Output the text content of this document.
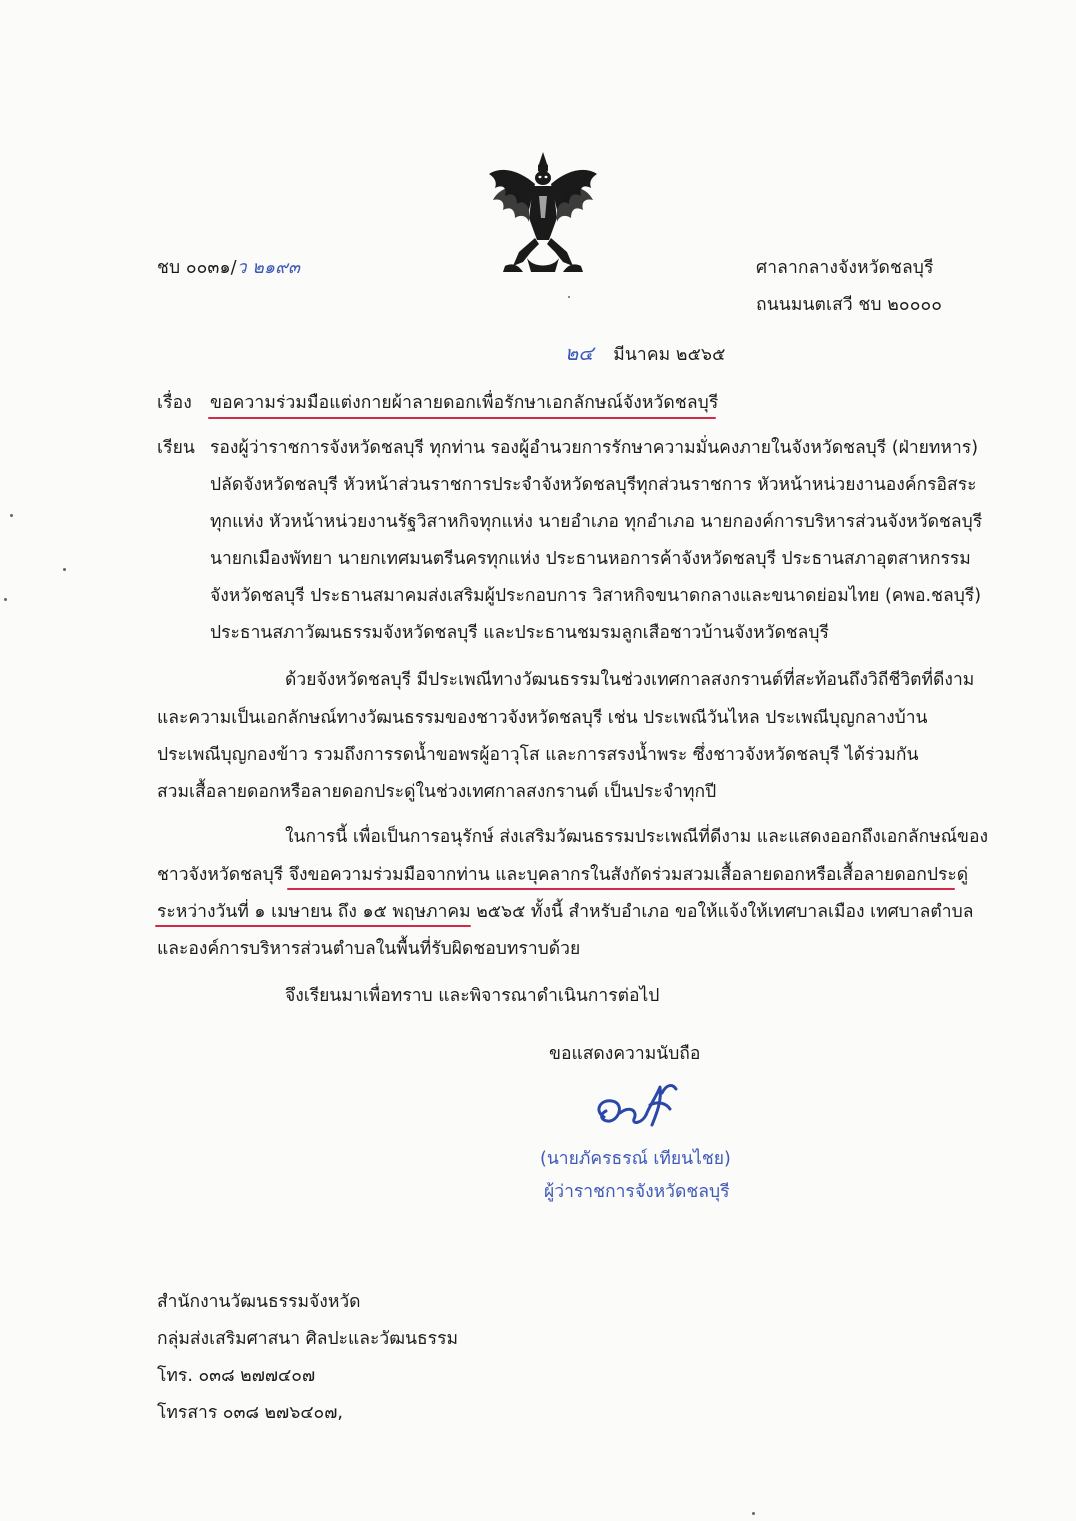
ชบ ๐๐๓๑/ว ๒๑๙๓	ศาลากลางจังหวัดชลบุรี
ถนนมนตเสวี ชบ ๒๐๐๐๐
๒๔ มีนาคม ๒๕๖๕
เรื่อง ขอความร่วมมือแต่งกายผ้าลายดอกเพื่อรักษาเอกลักษณ์จังหวัดชลบุรี
เรียน รองผู้ว่าราชการจังหวัดชลบุรี ทุกท่าน รองผู้อำนวยการรักษาความมั่นคงภายในจังหวัดชลบุรี (ฝ่ายทหาร)
ปลัดจังหวัดชลบุรี หัวหน้าส่วนราชการประจำจังหวัดชลบุรีทุกส่วนราชการ หัวหน้าหน่วยงานองค์กรอิสระ
ทุกแห่ง หัวหน้าหน่วยงานรัฐวิสาหกิจทุกแห่ง นายอำเภอ ทุกอำเภอ นายกองค์การบริหารส่วนจังหวัดชลบุรี
นายกเมืองพัทยา นายกเทศมนตรีนครทุกแห่ง ประธานหอการค้าจังหวัดชลบุรี ประธานสภาอุตสาหกรรม
จังหวัดชลบุรี ประธานสมาคมส่งเสริมผู้ประกอบการ วิสาหกิจขนาดกลางและขนาดย่อมไทย (คพอ.ชลบุรี)
ประธานสภาวัฒนธรรมจังหวัดชลบุรี และประธานชมรมลูกเสือชาวบ้านจังหวัดชลบุรี
ด้วยจังหวัดชลบุรี มีประเพณีทางวัฒนธรรมในช่วงเทศกาลสงกรานต์ที่สะท้อนถึงวิถีชีวิตที่ดีงาม
และความเป็นเอกลักษณ์ทางวัฒนธรรมของชาวจังหวัดชลบุรี เช่น ประเพณีวันไหล ประเพณีบุญกลางบ้าน
ประเพณีบุญกองข้าว รวมถึงการรดน้ำขอพรผู้อาวุโส และการสรงน้ำพระ ซึ่งชาวจังหวัดชลบุรี ได้ร่วมกัน
สวมเสื้อลายดอกหรือลายดอกประดู่ในช่วงเทศกาลสงกรานต์ เป็นประจำทุกปี
ในการนี้ เพื่อเป็นการอนุรักษ์ ส่งเสริมวัฒนธรรมประเพณีที่ดีงาม และแสดงออกถึงเอกลักษณ์ของ
ชาวจังหวัดชลบุรี จึงขอความร่วมมือจากท่าน และบุคลากรในสังกัดร่วมสวมเสื้อลายดอกหรือเสื้อลายดอกประดู่
ระหว่างวันที่ ๑ เมษายน ถึง ๑๕ พฤษภาคม ๒๕๖๕ ทั้งนี้ สำหรับอำเภอ ขอให้แจ้งให้เทศบาลเมือง เทศบาลตำบล
และองค์การบริหารส่วนตำบลในพื้นที่รับผิดชอบทราบด้วย
จึงเรียนมาเพื่อทราบ และพิจารณาดำเนินการต่อไป
ขอแสดงความนับถือ
(นายภัครธรณ์ เทียนไชย)
ผู้ว่าราชการจังหวัดชลบุรี
สำนักงานวัฒนธรรมจังหวัด
กลุ่มส่งเสริมศาสนา ศิลปะและวัฒนธรรม
โทร. ๐๓๘ ๒๗๗๔๐๗
โทรสาร ๐๓๘ ๒๗๖๔๐๗,
